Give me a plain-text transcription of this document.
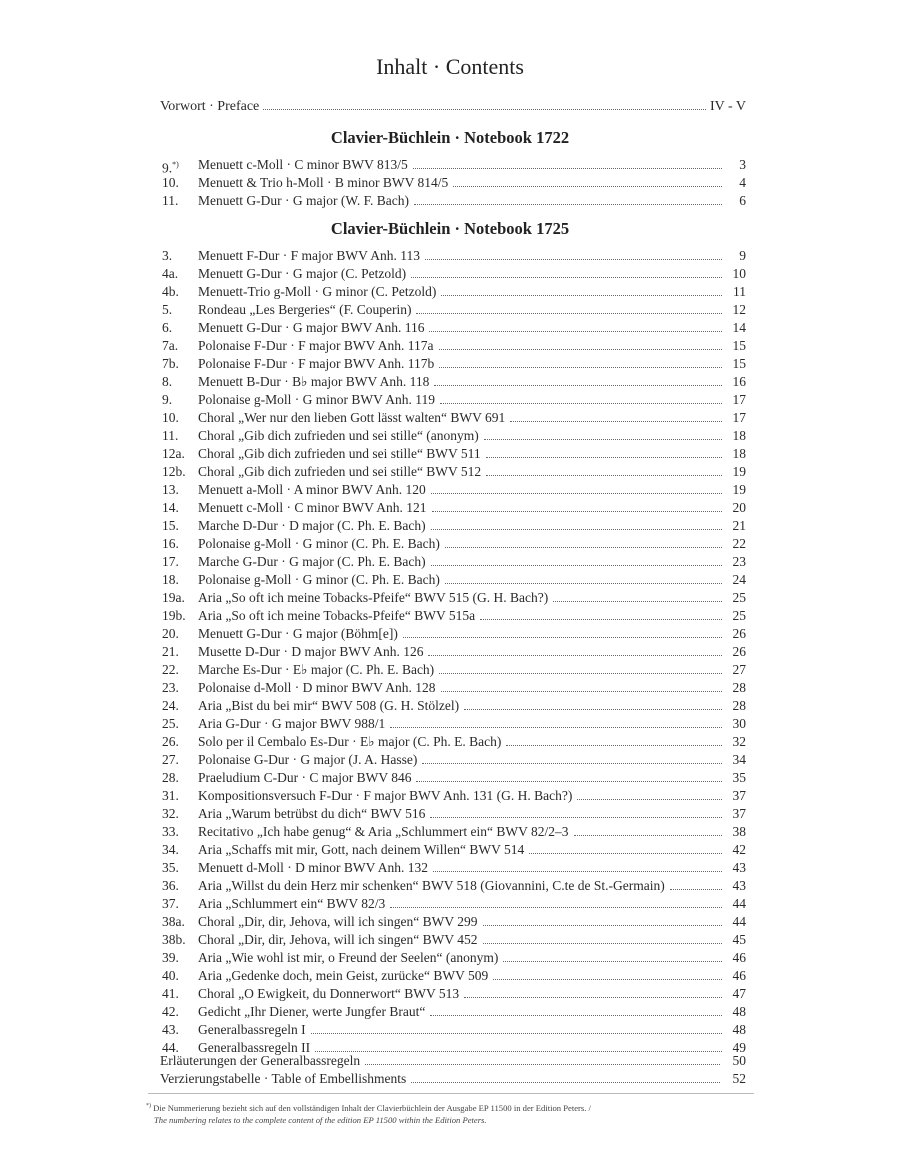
Inhalt · Contents
Vorwort · Preface	IV - V
Clavier-Büchlein · Notebook 1722
9.*)	Menuett c-Moll · C minor BWV 813/5	3
10.	Menuett & Trio h-Moll · B minor BWV 814/5	4
11.	Menuett G-Dur · G major (W. F. Bach)	6
Clavier-Büchlein · Notebook 1725
3.	Menuett F-Dur · F major BWV Anh. 113	9
4a.	Menuett G-Dur · G major (C. Petzold)	10
4b.	Menuett-Trio g-Moll · G minor (C. Petzold)	11
5.	Rondeau „Les Bergeries“ (F. Couperin)	12
6.	Menuett G-Dur · G major BWV Anh. 116	14
7a.	Polonaise F-Dur · F major BWV Anh. 117a	15
7b.	Polonaise F-Dur · F major BWV Anh. 117b	15
8.	Menuett B-Dur · B♭ major BWV Anh. 118	16
9.	Polonaise g-Moll · G minor BWV Anh. 119	17
10.	Choral „Wer nur den lieben Gott lässt walten“ BWV 691	17
11.	Choral „Gib dich zufrieden und sei stille“ (anonym)	18
12a. Choral „Gib dich zufrieden und sei stille“ BWV 511	18
12b. Choral „Gib dich zufrieden und sei stille“ BWV 512	19
13.	Menuett a-Moll · A minor BWV Anh. 120	19
14.	Menuett c-Moll · C minor BWV Anh. 121	20
15.	Marche D-Dur · D major (C. Ph. E. Bach)	21
16.	Polonaise g-Moll · G minor (C. Ph. E. Bach)	22
17.	Marche G-Dur · G major (C. Ph. E. Bach)	23
18.	Polonaise g-Moll · G minor (C. Ph. E. Bach)	24
19a. Aria „So oft ich meine Tobacks-Pfeife“ BWV 515 (G. H. Bach?)	25
19b. Aria „So oft ich meine Tobacks-Pfeife“ BWV 515a	25
20.	Menuett G-Dur · G major (Böhm[e])	26
21.	Musette D-Dur · D major BWV Anh. 126	26
22.	Marche Es-Dur · E♭ major (C. Ph. E. Bach)	27
23.	Polonaise d-Moll · D minor BWV Anh. 128	28
24.	Aria „Bist du bei mir“ BWV 508 (G. H. Stölzel)	28
25.	Aria G-Dur · G major BWV 988/1	30
26.	Solo per il Cembalo Es-Dur · E♭ major (C. Ph. E. Bach)	32
27.	Polonaise G-Dur · G major (J. A. Hasse)	34
28.	Praeludium C-Dur · C major BWV 846	35
31.	Kompositionsversuch F-Dur · F major BWV Anh. 131 (G. H. Bach?)	37
32.	Aria „Warum betrübst du dich“ BWV 516	37
33.	Recitativo „Ich habe genug“ & Aria „Schlummert ein“ BWV 82/2–3	38
34.	Aria „Schaffs mit mir, Gott, nach deinem Willen“ BWV 514	42
35.	Menuett d-Moll · D minor BWV Anh. 132	43
36.	Aria „Willst du dein Herz mir schenken“ BWV 518 (Giovannini, C.te de St.-Germain)	43
37.	Aria „Schlummert ein“ BWV 82/3	44
38a. Choral „Dir, dir, Jehova, will ich singen“ BWV 299	44
38b. Choral „Dir, dir, Jehova, will ich singen“ BWV 452	45
39.	Aria „Wie wohl ist mir, o Freund der Seelen“ (anonym)	46
40.	Aria „Gedenke doch, mein Geist, zurücke“ BWV 509	46
41.	Choral „O Ewigkeit, du Donnerwort“ BWV 513	47
42.	Gedicht „Ihr Diener, werte Jungfer Braut“	48
43.	Generalbassregeln I	48
44.	Generalbassregeln II	49
Erläuterungen der Generalbassregeln	50
Verzierungstabelle · Table of Embellishments	52
*) Die Nummerierung bezieht sich auf den vollständigen Inhalt der Clavierbüchlein der Ausgabe EP 11500 in der Edition Peters. /
The numbering relates to the complete content of the edition EP 11500 within the Edition Peters.
